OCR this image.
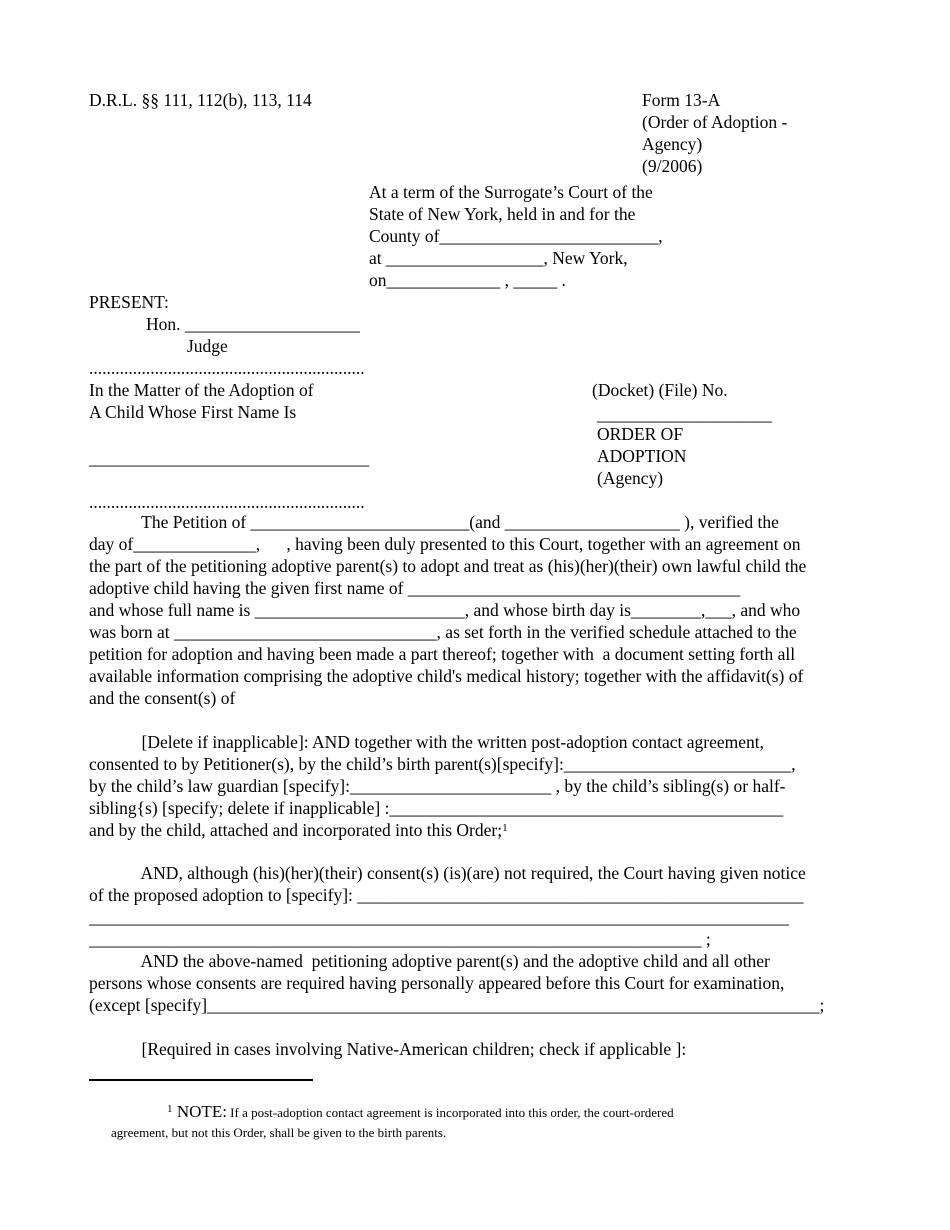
D.R.L. §§ 111, 112(b), 113, 114	Form 13-A
(Order of Adoption -
Agency)
(9/2006)
At a term of the Surrogate’s Court of the
State of New York, held in and for the
County of_________________________,
at __________________, New York,
on_____________ , _____ .
PRESENT:
Hon. ____________________
Judge
...............................................................
In the Matter of the Adoption of
A Child Whose First Name Is
________________________________
...............................................................
(Docket) (File) No.
____________________
ORDER OF
ADOPTION
(Agency)
The Petition of _________________________(and ____________________ ), verified the
day of______________,      , having been duly presented to this Court, together with an agreement on
the part of the petitioning adoptive parent(s) to adopt and treat as (his)(her)(their) own lawful child the
adoptive child having the given first name of ______________________________________
and whose full name is ________________________, and whose birth day is________,___, and who
was born at ______________________________, as set forth in the verified schedule attached to the
petition for adoption and having been made a part thereof; together with  a document setting forth all
available information comprising the adoptive child's medical history; together with the affidavit(s) of
and the consent(s) of
[Delete if inapplicable]: AND together with the written post-adoption contact agreement,
consented to by Petitioner(s), by the child’s birth parent(s)[specify]:__________________________,
by the child’s law guardian [specify]:_______________________ , by the child’s sibling(s) or half-
sibling{s) [specify; delete if inapplicable] :_____________________________________________
and by the child, attached and incorporated into this Order;$^1$
AND, although (his)(her)(their) consent(s) (is)(are) not required, the Court having given notice
of the proposed adoption to [specify]: ___________________________________________________
________________________________________________________________________________
______________________________________________________________________ ;
AND the above-named  petitioning adoptive parent(s) and the adoptive child and all other
persons whose consents are required having personally appeared before this Court for examination,
(except [specify]______________________________________________________________________;
[Required in cases involving Native-American children; check if applicable ]:
$^1$ NOTE: If a post-adoption contact agreement is incorporated into this order, the court-ordered
agreement, but not this Order, shall be given to the birth parents.
